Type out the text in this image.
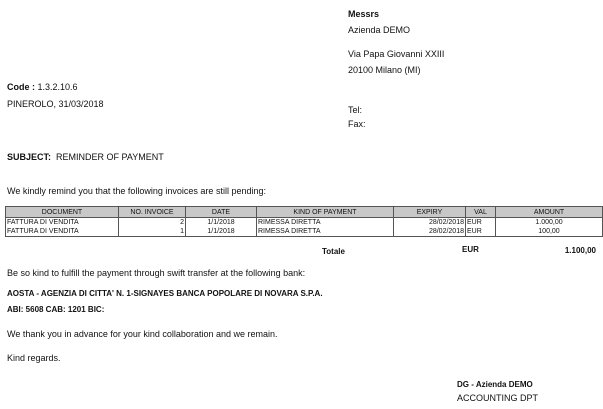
Messrs
Azienda DEMO
Via Papa Giovanni XXIII
20100 Milano (MI)
Tel:
Fax:
Code : 1.3.2.10.6
PINEROLO, 31/03/2018
SUBJECT: REMINDER OF PAYMENT
We kindly remind you that the following invoices are still pending:
DOCUMENT	NO. INVOICE	DATE	KIND OF PAYMENT	EXPIRY	VAL	AMOUNT
FATTURA DI VENDITA	2	1/1/2018	RIMESSA DIRETTA	28/02/2018	EUR	1.000,00
FATTURA DI VENDITA	1	1/1/2018	RIMESSA DIRETTA	28/02/2018	EUR	100,00
Totale	EUR	1.100,00
Be so kind to fulfill the payment through swift transfer at the following bank:
AOSTA - AGENZIA DI CITTA' N. 1-SIGNAYES BANCA POPOLARE DI NOVARA S.P.A.
ABI: 5608 CAB: 1201 BIC:
We thank you in advance for your kind collaboration and we remain.
Kind regards.
DG - Azienda DEMO
ACCOUNTING DPT
